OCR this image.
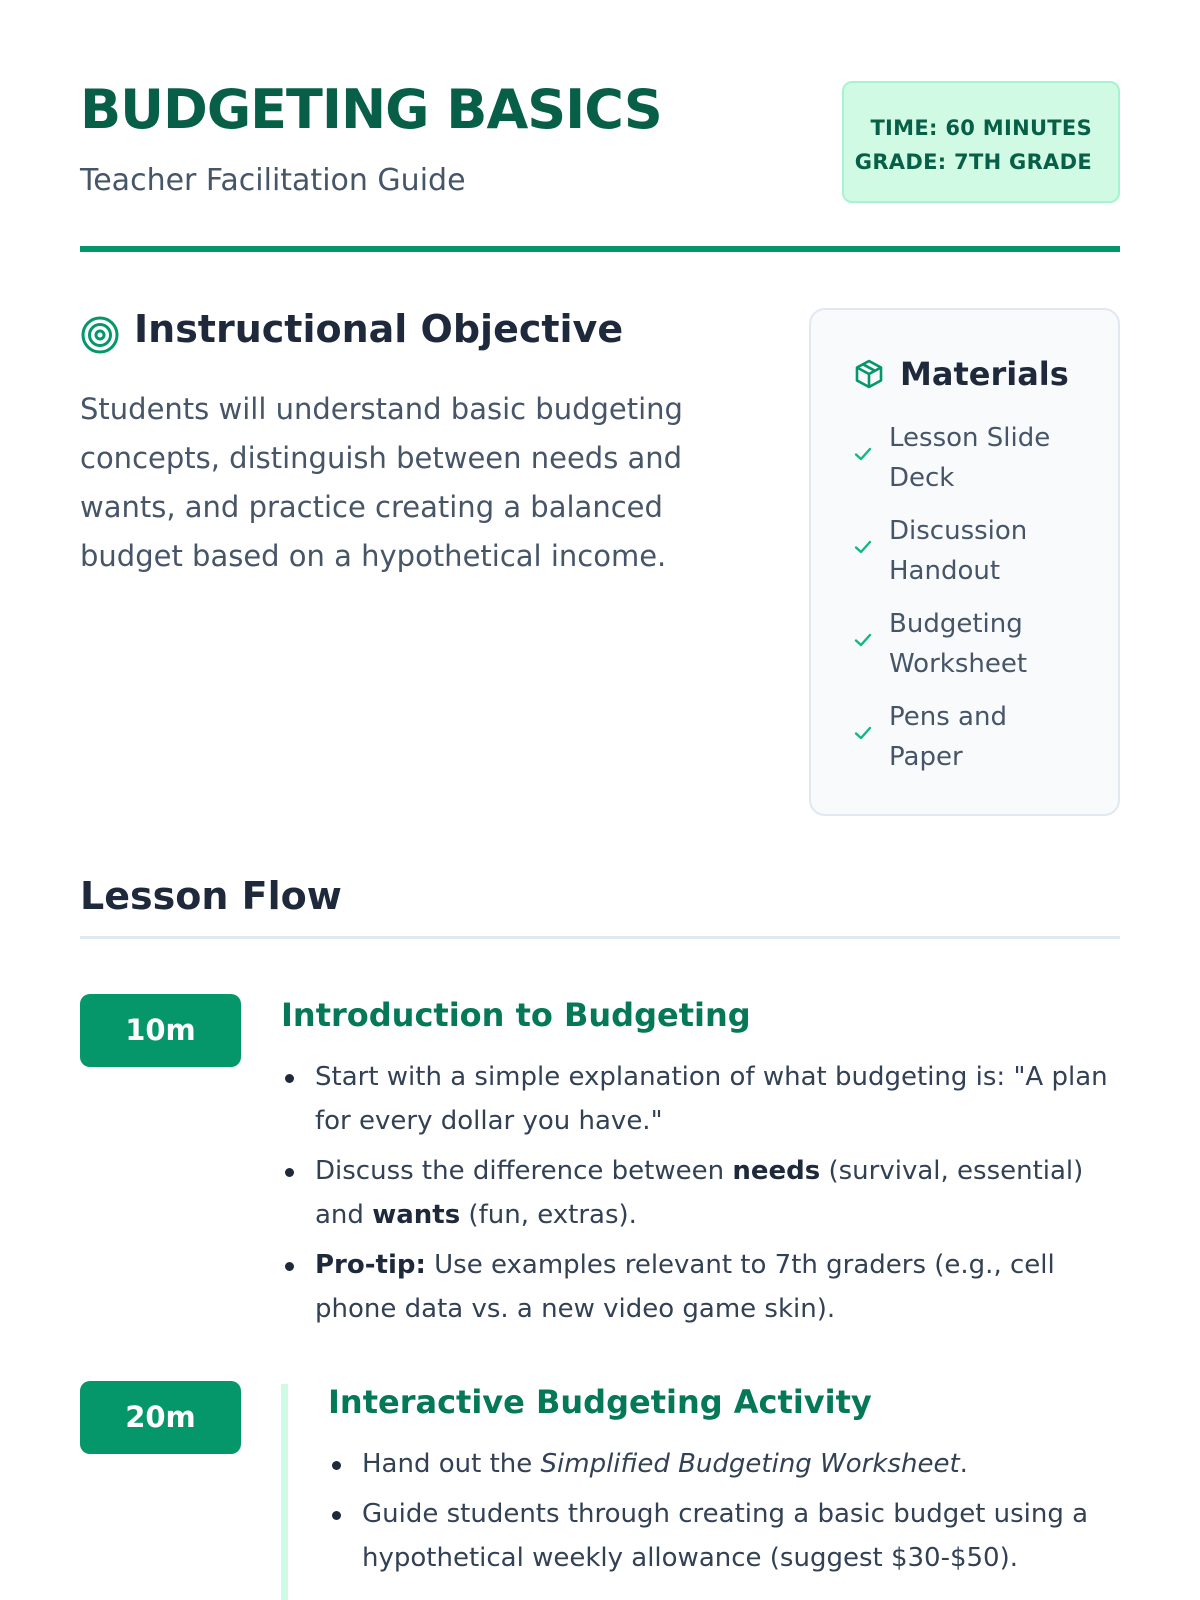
BUDGETING BASICS
Teacher Facilitation Guide
TIME: 60 MINUTES
GRADE: 7TH GRADE
Instructional Objective

Students will understand basic budgeting concepts, distinguish between needs and wants, and practice creating a balanced budget based on a hypothetical income.

Materials
Lesson Slide Deck
Discussion Handout
Budgeting Worksheet
Pens and Paper
Lesson Flow
10m	Introduction to Budgeting
Start with a simple explanation of what budgeting is: "A plan for every dollar you have."
Discuss the difference between needs (survival, essential) and wants (fun, extras).
Pro-tip: Use examples relevant to 7th graders (e.g., cell phone data vs. a new video game skin).
20m	Interactive Budgeting Activity
Hand out the Simplified Budgeting Worksheet.
Guide students through creating a basic budget using a hypothetical weekly allowance (suggest $30-$50).
